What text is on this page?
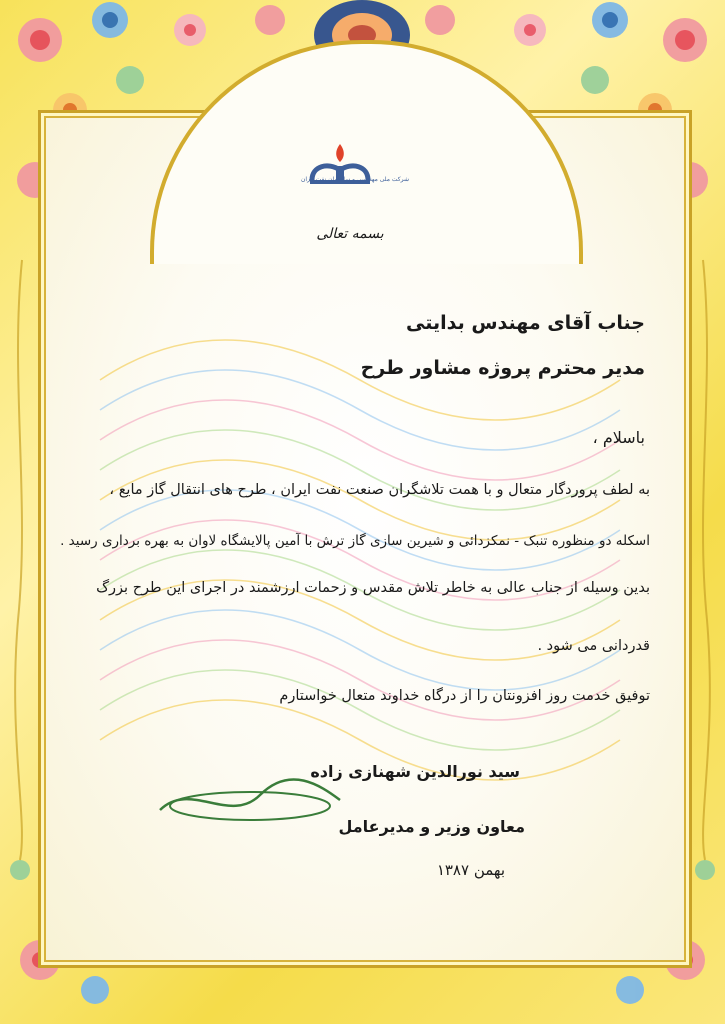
شرکت ملی مهندسی و ساختمان نفت ایران
بسمه تعالی
جناب آقای مهندس بدایتی
مدیر محترم پروژه مشاور طرح
باسلام ،
به لطف پروردگار متعال و با همت تلاشگران صنعت نفت ایران ، طرح های انتقال گاز مایع ،
اسکله دو منظوره تنبک - نمکزدائی و شیرین سازی گاز ترش با آمین پالایشگاه لاوان به بهره برداری رسید .
بدین وسیله از جناب عالی به خاطر تلاش مقدس و زحمات ارزشمند در اجرای این طرح بزرگ
قدردانی می شود .
توفیق خدمت روز افزونتان را از درگاه خداوند متعال خواستارم
سید نورالدین شهنازی زاده
معاون وزیر و مدیرعامل
بهمن ۱۳۸۷
